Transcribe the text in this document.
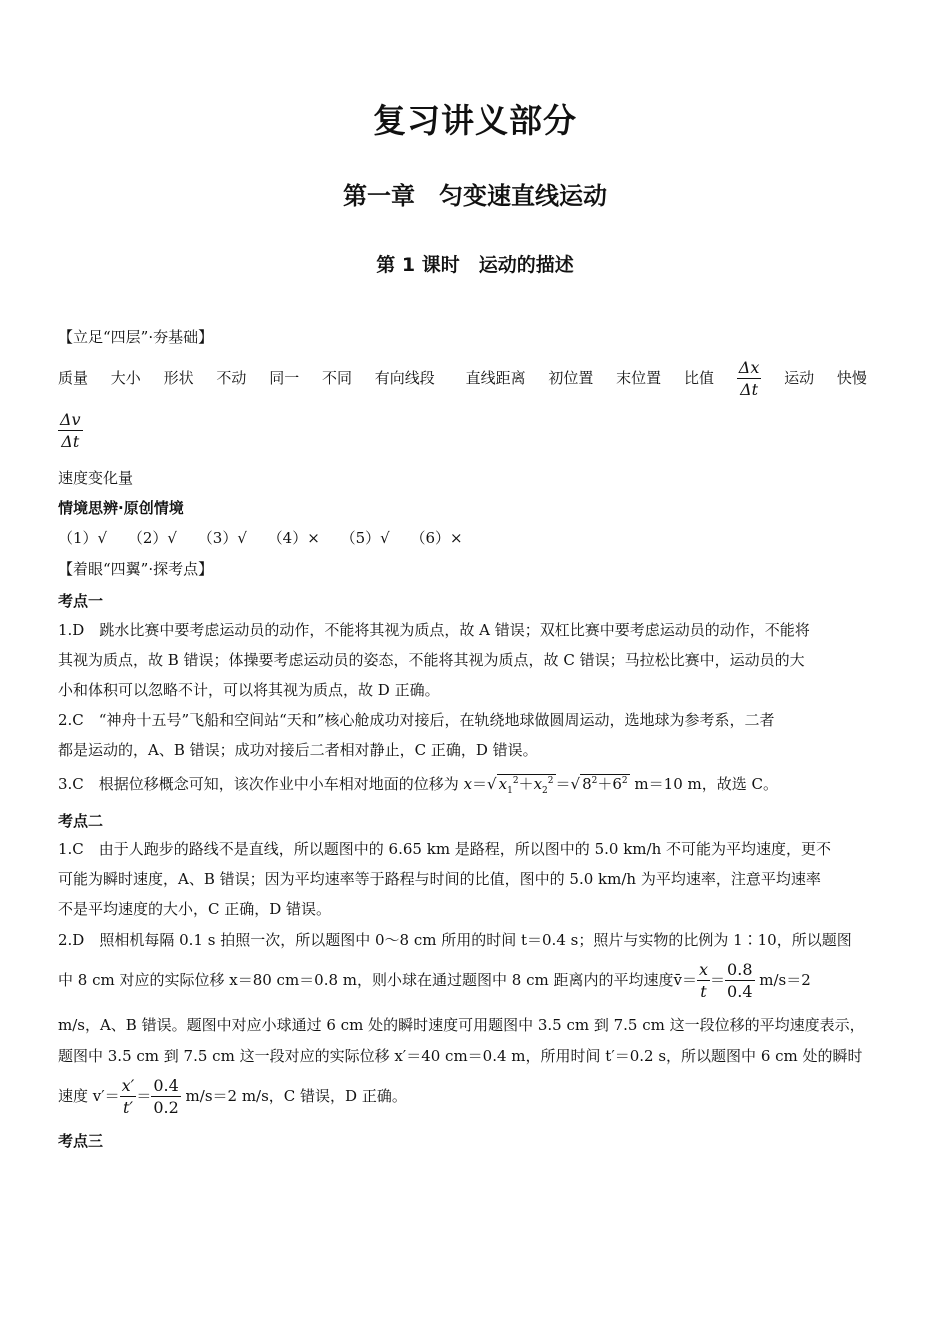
复习讲义部分
第一章　匀变速直线运动
第 1 课时　运动的描述
【立足“四层”·夯基础】
质量 大小 形状 不动 同一 不同 有向线段 直线距离 初位置 末位置 比值 $\frac{\Delta x}{\Delta t}$ 运动 快慢
$\frac{\Delta v}{\Delta t}$
速度变化量
情境思辨·原创情境
（1）√ （2）√ （3）√ （4）× （5）√ （6）×
【着眼“四翼”·探考点】
考点一
1.D　跳水比赛中要考虑运动员的动作，不能将其视为质点，故 A 错误；双杠比赛中要考虑运动员的动作，不能将
其视为质点，故 B 错误；体操要考虑运动员的姿态，不能将其视为质点，故 C 错误；马拉松比赛中，运动员的大
小和体积可以忽略不计，可以将其视为质点，故 D 正确。
2.C　“神舟十五号”飞船和空间站“天和”核心舱成功对接后，在轨绕地球做圆周运动，选地球为参考系，二者
都是运动的，A、B 错误；成功对接后二者相对静止，C 正确，D 错误。
3.C　根据位移概念可知，该次作业中小车相对地面的位移为 x＝√ $x_1^2+x_2^2$ ＝√ $8^2+6^2$ m＝10 m，故选 C。
考点二
1.C　由于人跑步的路线不是直线，所以题图中的 6.65 km 是路程，所以图中的 5.0 km/h 不可能为平均速度，更不
可能为瞬时速度，A、B 错误；因为平均速率等于路程与时间的比值，图中的 5.0 km/h 为平均速率，注意平均速率
不是平均速度的大小，C 正确，D 错误。
2.D　照相机每隔 0.1 s 拍照一次，所以题图中 0～8 cm 所用的时间 t＝0.4 s；照片与实物的比例为 1∶10，所以题图
中 8 cm 对应的实际位移 x＝80 cm＝0.8 m，则小球在通过题图中 8 cm 距离内的平均速度v̄＝ $\frac{x}{t} = \frac{0.8}{0.4} m/s=2$
m/s，A、B 错误。题图中对应小球通过 6 cm 处的瞬时速度可用题图中 3.5 cm 到 7.5 cm 这一段位移的平均速度表示，
题图中 3.5 cm 到 7.5 cm 这一段对应的实际位移 x′＝40 cm＝0.4 m，所用时间 t′＝0.2 s，所以题图中 6 cm 处的瞬时
速度 $v'= \frac{x'}{t'} = \frac{0.4}{0.2} m/s=2$ m/s，C 错误，D 正确。
考点三
